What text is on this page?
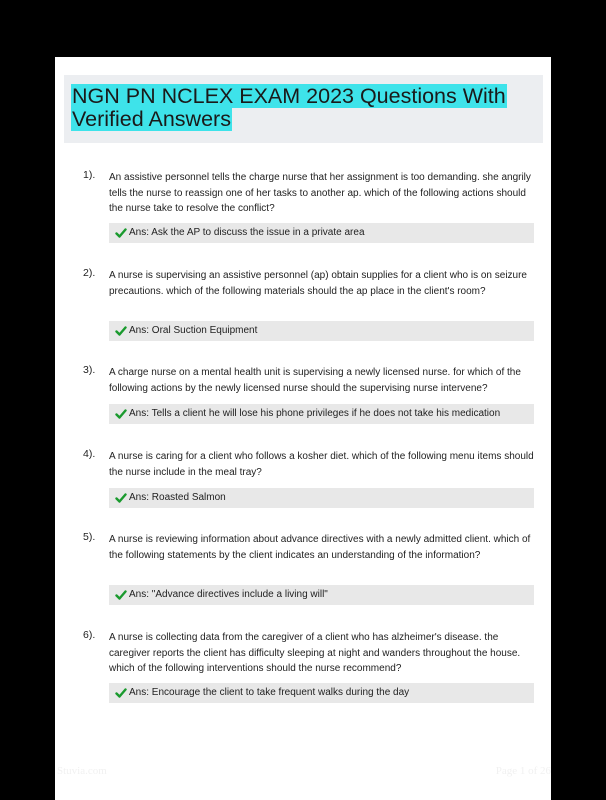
NGN PN NCLEX EXAM 2023 Questions With Verified Answers
1). An assistive personnel tells the charge nurse that her assignment is too demanding. she angrily tells the nurse to reassign one of her tasks to another ap. which of the following actions should the nurse take to resolve the conflict?
Ans: Ask the AP to discuss the issue in a private area
2). A nurse is supervising an assistive personnel (ap) obtain supplies for a client who is on seizure precautions. which of the following materials should the ap place in the client's room?
Ans: Oral Suction Equipment
3). A charge nurse on a mental health unit is supervising a newly licensed nurse. for which of the following actions by the newly licensed nurse should the supervising nurse intervene?
Ans: Tells a client he will lose his phone privileges if he does not take his medication
4). A nurse is caring for a client who follows a kosher diet. which of the following menu items should the nurse include in the meal tray?
Ans: Roasted Salmon
5). A nurse is reviewing information about advance directives with a newly admitted client. which of the following statements by the client indicates an understanding of the information?
Ans: "Advance directives include a living will"
6). A nurse is collecting data from the caregiver of a client who has alzheimer's disease. the caregiver reports the client has difficulty sleeping at night and wanders throughout the house. which of the following interventions should the nurse recommend?
Ans: Encourage the client to take frequent walks during the day
Stuvia.com	Page 1 of 26
